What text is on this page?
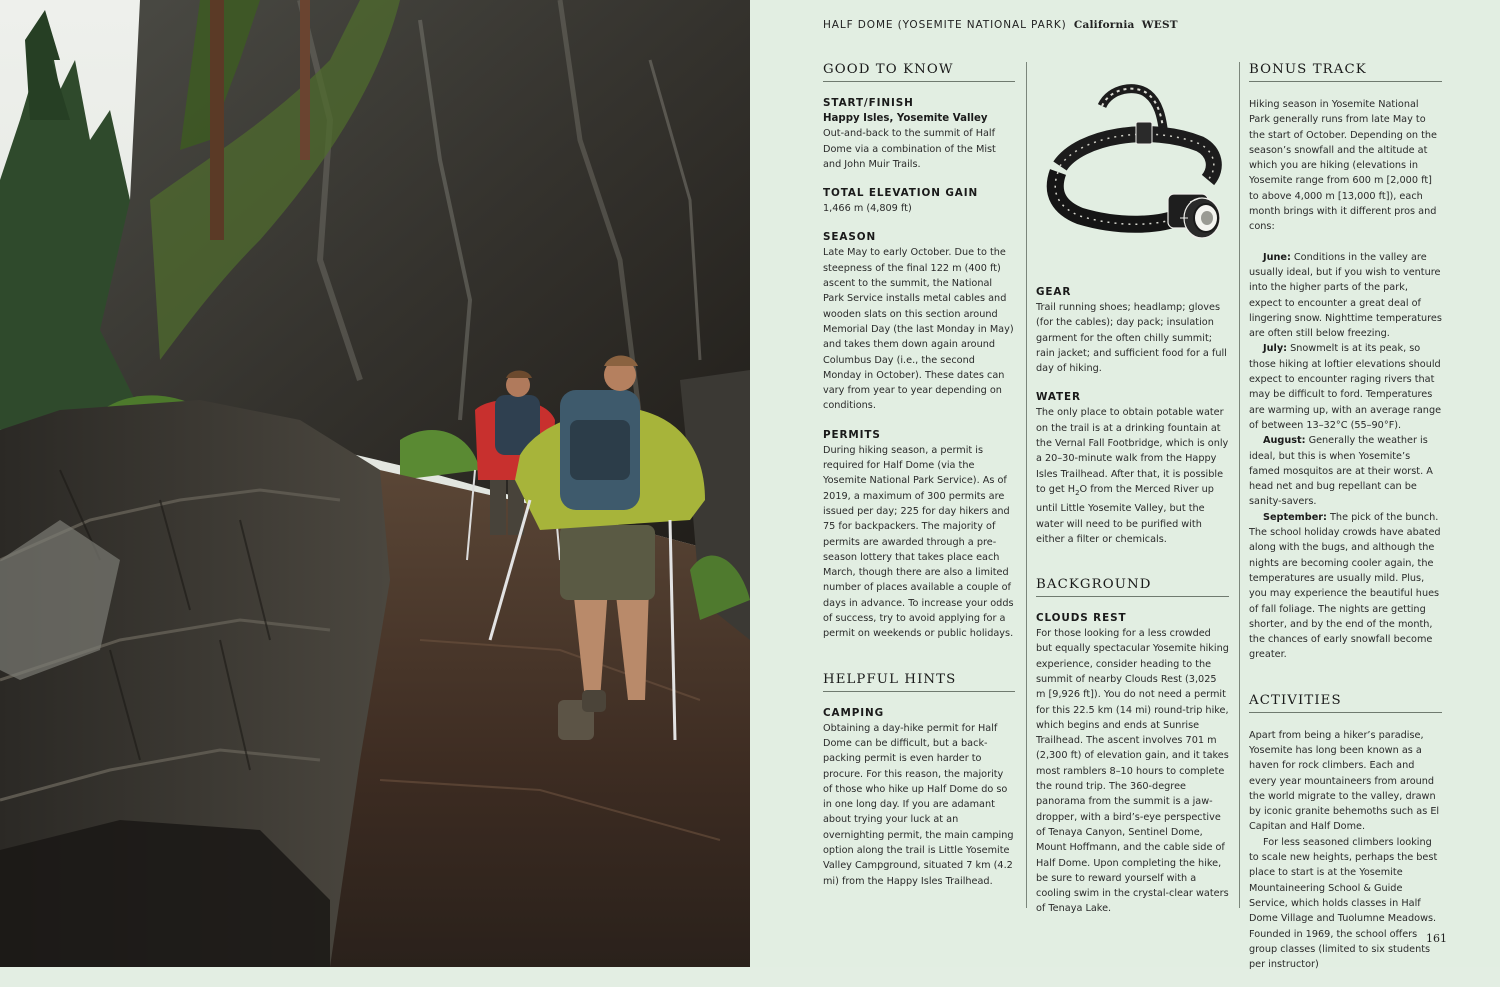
HALF DOME (YOSEMITE NATIONAL PARK) California WEST
GOOD TO KNOW
START/FINISH

Happy Isles, Yosemite Valley

Out-and-back to the summit of Half Dome via a combination of the Mist and John Muir Trails.

TOTAL ELEVATION GAIN

1,466 m (4,809 ft)

SEASON

Late May to early October. Due to the steepness of the final 122 m (400 ft) ascent to the summit, the National Park Service installs metal cables and wooden slats on this section around Memorial Day (the last Monday in May) and takes them down again around Columbus Day (i.e., the second Monday in October). These dates can vary from year to year depending on conditions.

PERMITS

During hiking season, a permit is required for Half Dome (via the Yosemite National Park Service). As of 2019, a maximum of 300 permits are issued per day; 225 for day hikers and 75 for backpackers. The majority of permits are awarded through a pre-season lottery that takes place each March, though there are also a limited number of places available a couple of days in advance. To increase your odds of success, try to avoid applying for a permit on weekends or public holidays.

HELPFUL HINTS
CAMPING

Obtaining a day-hike permit for Half Dome can be difficult, but a back-packing permit is even harder to procure. For this reason, the majority of those who hike up Half Dome do so in one long day. If you are adamant about trying your luck at an overnighting permit, the main camping option along the trail is Little Yosemite Valley Campground, situated 7 km (4.2 mi) from the Happy Isles Trailhead.

GEAR

Trail running shoes; headlamp; gloves (for the cables); day pack; insulation garment for the often chilly summit; rain jacket; and sufficient food for a full day of hiking.

WATER

The only place to obtain potable water on the trail is at a drinking fountain at the Vernal Fall Footbridge, which is only a 20–30-minute walk from the Happy Isles Trailhead. After that, it is possible to get $H_2O$ from the Merced River up until Little Yosemite Valley, but the water will need to be purified with either a filter or chemicals.

BACKGROUND
CLOUDS REST

For those looking for a less crowded but equally spectacular Yosemite hiking experience, consider heading to the summit of nearby Clouds Rest (3,025 m [9,926 ft]). You do not need a permit for this 22.5 km (14 mi) round-trip hike, which begins and ends at Sunrise Trailhead. The ascent involves 701 m (2,300 ft) of elevation gain, and it takes most ramblers 8–10 hours to complete the round trip. The 360-degree panorama from the summit is a jaw-dropper, with a bird’s-eye perspective of Tenaya Canyon, Sentinel Dome, Mount Hoffmann, and the cable side of Half Dome. Upon completing the hike, be sure to reward yourself with a cooling swim in the crystal-clear waters of Tenaya Lake.

BONUS TRACK

Hiking season in Yosemite National Park generally runs from late May to the start of October. Depending on the season’s snowfall and the altitude at which you are hiking (elevations in Yosemite range from 600 m [2,000 ft] to above 4,000 m [13,000 ft]), each month brings with it different pros and cons:

June: Conditions in the valley are usually ideal, but if you wish to venture into the higher parts of the park, expect to encounter a great deal of lingering snow. Nighttime temperatures are often still below freezing.

July: Snowmelt is at its peak, so those hiking at loftier elevations should expect to encounter raging rivers that may be difficult to ford. Temperatures are warming up, with an average range of between 13–32°C (55–90°F).

August: Generally the weather is ideal, but this is when Yosemite’s famed mosquitos are at their worst. A head net and bug repellant can be sanity-savers.

September: The pick of the bunch. The school holiday crowds have abated along with the bugs, and although the nights are becoming cooler again, the temperatures are usually mild. Plus, you may experience the beautiful hues of fall foliage. The nights are getting shorter, and by the end of the month, the chances of early snowfall become greater.

ACTIVITIES

Apart from being a hiker’s paradise, Yosemite has long been known as a haven for rock climbers. Each and every year mountaineers from around the world migrate to the valley, drawn by iconic granite behemoths such as El Capitan and Half Dome.

For less seasoned climbers looking to scale new heights, perhaps the best place to start is at the Yosemite Mountaineering School & Guide Service, which holds classes in Half Dome Village and Tuolumne Meadows. Founded in 1969, the school offers group classes (limited to six students per instructor)

161
